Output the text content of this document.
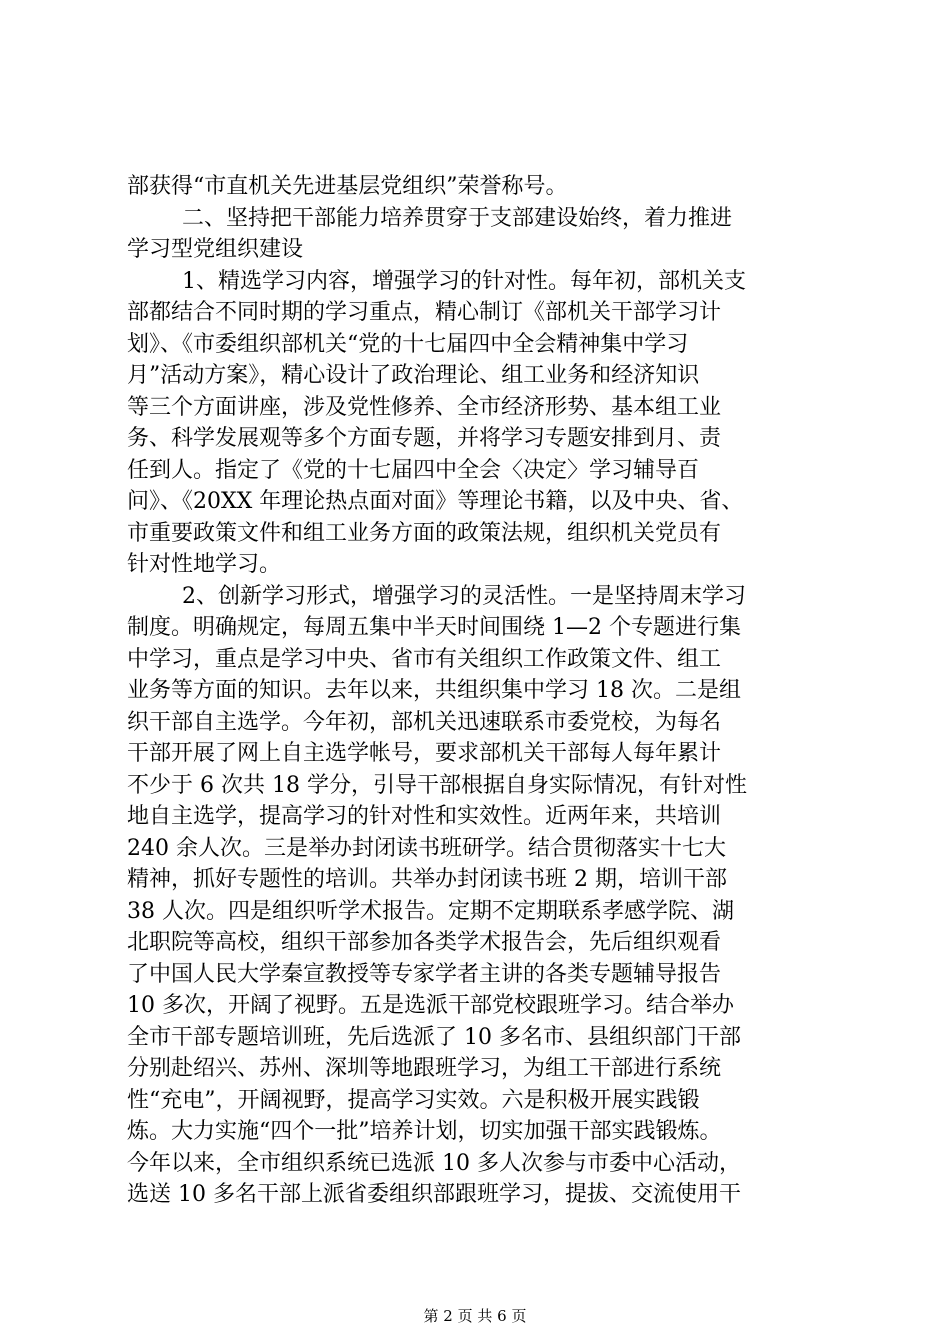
部获得“市直机关先进基层党组织”荣誉称号。
二、坚持把干部能力培养贯穿于支部建设始终，着力推进
学习型党组织建设
1、精选学习内容，增强学习的针对性。每年初，部机关支
部都结合不同时期的学习重点，精心制订《部机关干部学习计
划》、《市委组织部机关“党的十七届四中全会精神集中学习
月”活动方案》，精心设计了政治理论、组工业务和经济知识
等三个方面讲座，涉及党性修养、全市经济形势、基本组工业
务、科学发展观等多个方面专题，并将学习专题安排到月、责
任到人。指定了《党的十七届四中全会〈决定〉学习辅导百
问》、《20XX 年理论热点面对面》等理论书籍，以及中央、省、
市重要政策文件和组工业务方面的政策法规，组织机关党员有
针对性地学习。
2、创新学习形式，增强学习的灵活性。一是坚持周末学习
制度。明确规定，每周五集中半天时间围绕 1—2 个专题进行集
中学习，重点是学习中央、省市有关组织工作政策文件、组工
业务等方面的知识。去年以来，共组织集中学习 18 次。二是组
织干部自主选学。今年初，部机关迅速联系市委党校，为每名
干部开展了网上自主选学帐号，要求部机关干部每人每年累计
不少于 6 次共 18 学分，引导干部根据自身实际情况，有针对性
地自主选学，提高学习的针对性和实效性。近两年来，共培训
240 余人次。三是举办封闭读书班研学。结合贯彻落实十七大
精神，抓好专题性的培训。共举办封闭读书班 2 期，培训干部
38 人次。四是组织听学术报告。定期不定期联系孝感学院、湖
北职院等高校，组织干部参加各类学术报告会，先后组织观看
了中国人民大学秦宣教授等专家学者主讲的各类专题辅导报告
10 多次，开阔了视野。五是选派干部党校跟班学习。结合举办
全市干部专题培训班，先后选派了 10 多名市、县组织部门干部
分别赴绍兴、苏州、深圳等地跟班学习，为组工干部进行系统
性“充电”，开阔视野，提高学习实效。六是积极开展实践锻
炼。大力实施“四个一批”培养计划，切实加强干部实践锻炼。
今年以来，全市组织系统已选派 10 多人次参与市委中心活动，
选送 10 多名干部上派省委组织部跟班学习，提拔、交流使用干
第 2 页 共 6 页
